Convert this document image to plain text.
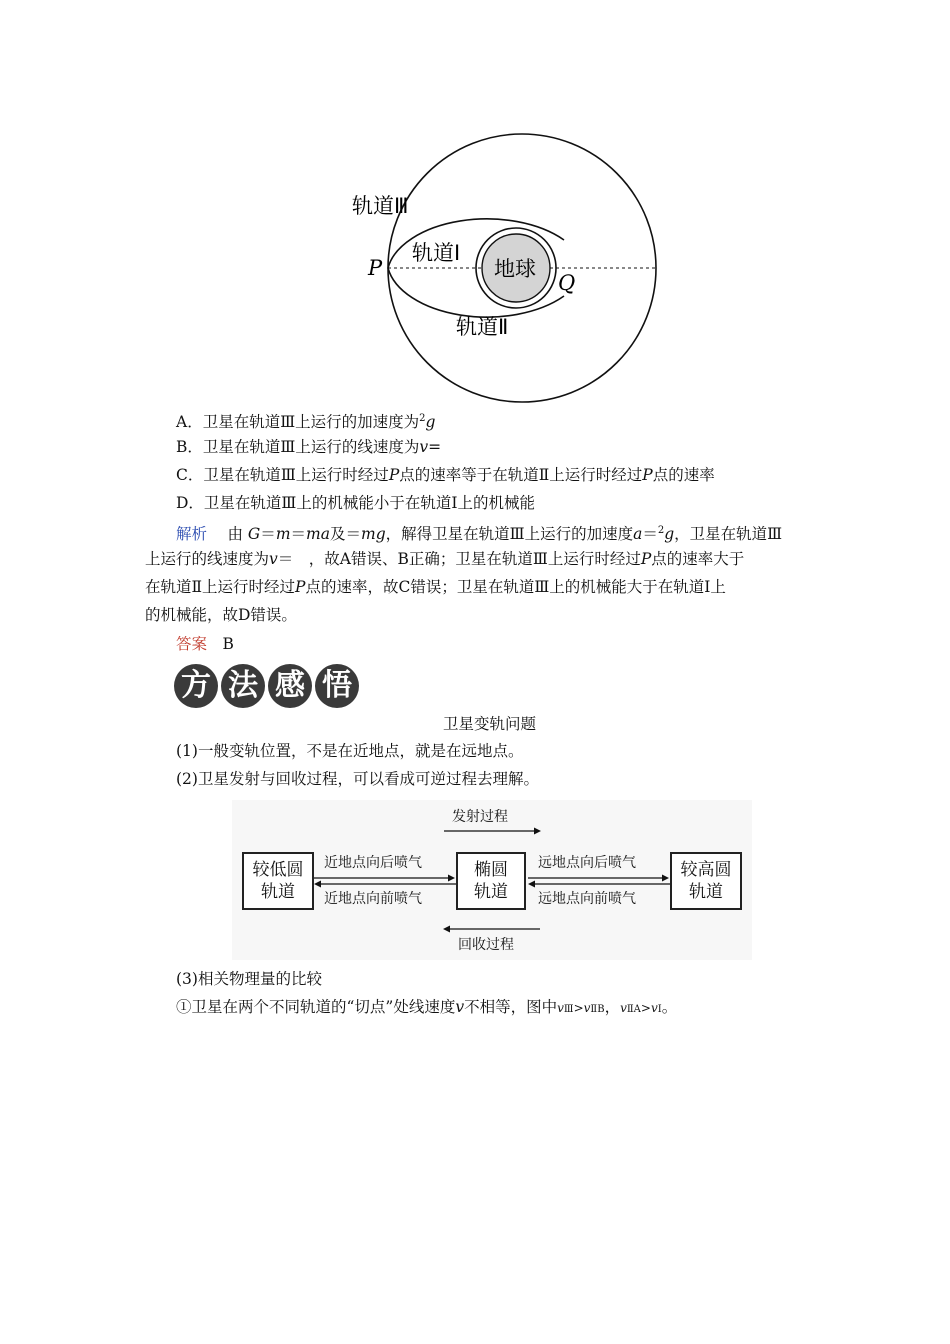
轨道Ⅲ
轨道Ⅰ
地球
P
Q
轨道Ⅱ
A．卫星在轨道Ⅲ上运行的加速度为$^2$g
B．卫星在轨道Ⅲ上运行的线速度为v=
C．卫星在轨道Ⅲ上运行时经过P点的速率等于在轨道Ⅱ上运行时经过P点的速率
D．卫星在轨道Ⅲ上的机械能小于在轨道Ⅰ上的机械能
解析　 由 G＝m＝ma及＝mg，解得卫星在轨道Ⅲ上运行的加速度a＝$^2$g，卫星在轨道Ⅲ
上运行的线速度为v＝　，故A错误、B正确；卫星在轨道Ⅲ上运行时经过P点的速率大于
在轨道Ⅱ上运行时经过P点的速率，故C错误；卫星在轨道Ⅲ上的机械能大于在轨道Ⅰ上
的机械能，故D错误。
答案　 B
方 法 感 悟
卫星变轨问题
(1)一般变轨位置，不是在近地点，就是在远地点。
(2)卫星发射与回收过程，可以看成可逆过程去理解。
发射过程
较低圆
轨道
椭圆
轨道
较高圆
轨道
近地点向后喷气
近地点向前喷气
远地点向后喷气
远地点向前喷气
回收过程
(3)相关物理量的比较
①卫星在两个不同轨道的“切点”处线速度v不相等，图中vⅢ>vⅡB，vⅡA>vⅠ。
